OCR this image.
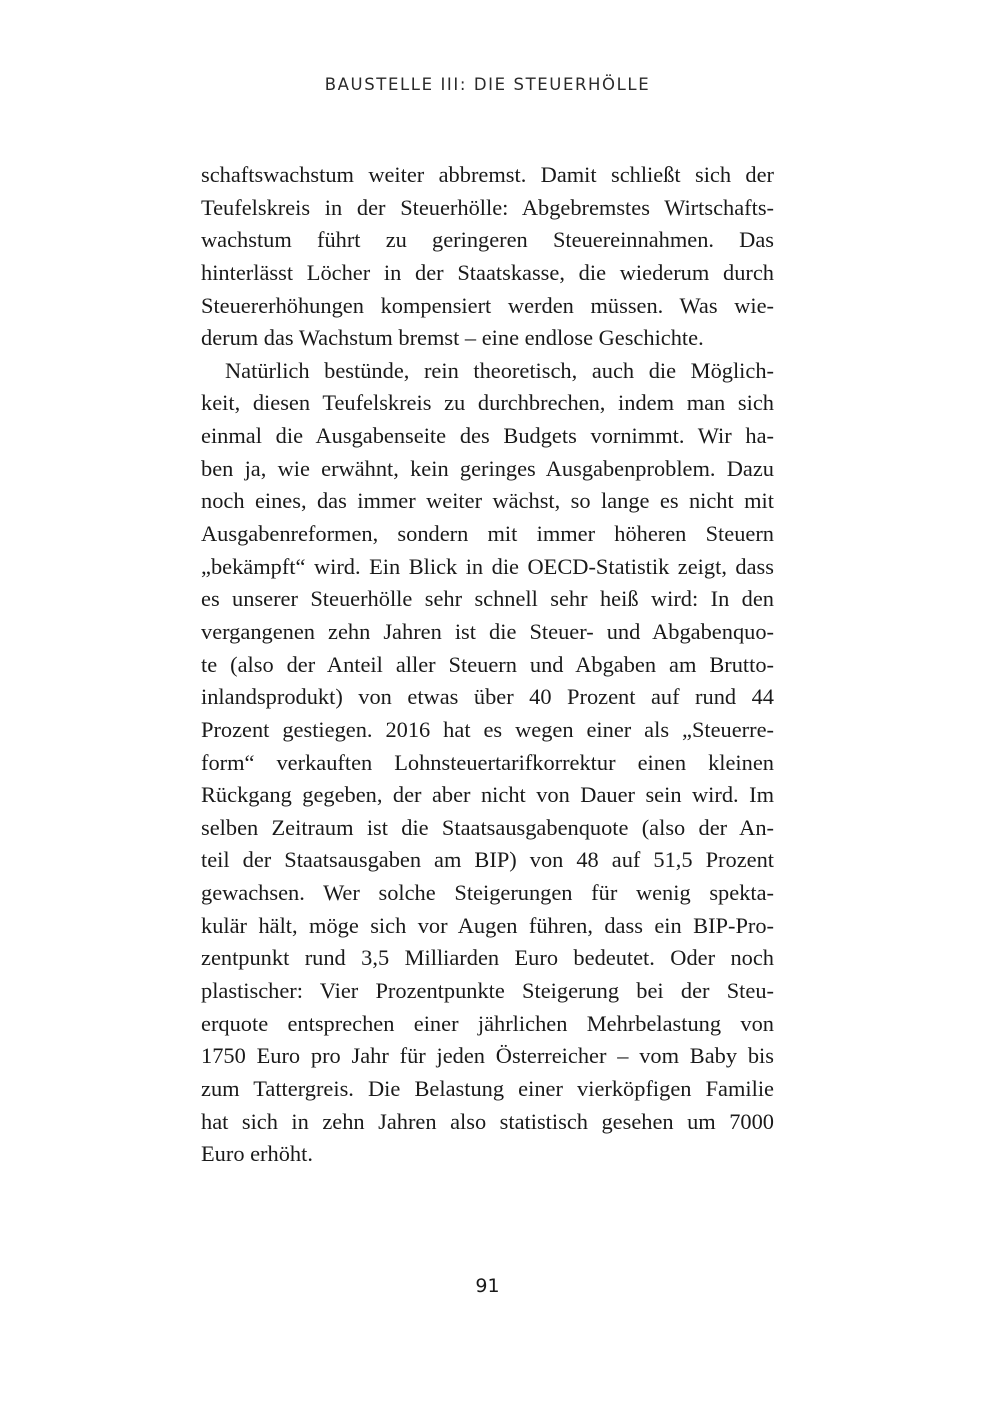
BAUSTELLE III: DIE STEUERHÖLLE
schaftswachstum weiter abbremst. Damit schließt sich der
Teufelskreis in der Steuerhölle: Abgebremstes Wirtschafts-
wachstum führt zu geringeren Steuereinnahmen. Das
hinterlässt Löcher in der Staatskasse, die wiederum durch
Steuererhöhungen kompensiert werden müssen. Was wie-
derum das Wachstum bremst – eine endlose Geschichte.
Natürlich bestünde, rein theoretisch, auch die Möglich-
keit, diesen Teufelskreis zu durchbrechen, indem man sich
einmal die Ausgabenseite des Budgets vornimmt. Wir ha-
ben ja, wie erwähnt, kein geringes Ausgabenproblem. Dazu
noch eines, das immer weiter wächst, so lange es nicht mit
Ausgabenreformen, sondern mit immer höheren Steuern
„bekämpft“ wird. Ein Blick in die OECD-Statistik zeigt, dass
es unserer Steuerhölle sehr schnell sehr heiß wird: In den
vergangenen zehn Jahren ist die Steuer- und Abgabenquo-
te (also der Anteil aller Steuern und Abgaben am Brutto-
inlandsprodukt) von etwas über 40 Prozent auf rund 44
Prozent gestiegen. 2016 hat es wegen einer als „Steuerre-
form“ verkauften Lohnsteuertarifkorrektur einen kleinen
Rückgang gegeben, der aber nicht von Dauer sein wird. Im
selben Zeitraum ist die Staatsausgabenquote (also der An-
teil der Staatsausgaben am BIP) von 48 auf 51,5 Prozent
gewachsen. Wer solche Steigerungen für wenig spekta-
kulär hält, möge sich vor Augen führen, dass ein BIP-Pro-
zentpunkt rund 3,5 Milliarden Euro bedeutet. Oder noch
plastischer: Vier Prozentpunkte Steigerung bei der Steu-
erquote entsprechen einer jährlichen Mehrbelastung von
1750 Euro pro Jahr für jeden Österreicher – vom Baby bis
zum Tattergreis. Die Belastung einer vierköpfigen Familie
hat sich in zehn Jahren also statistisch gesehen um 7000
Euro erhöht.
91
